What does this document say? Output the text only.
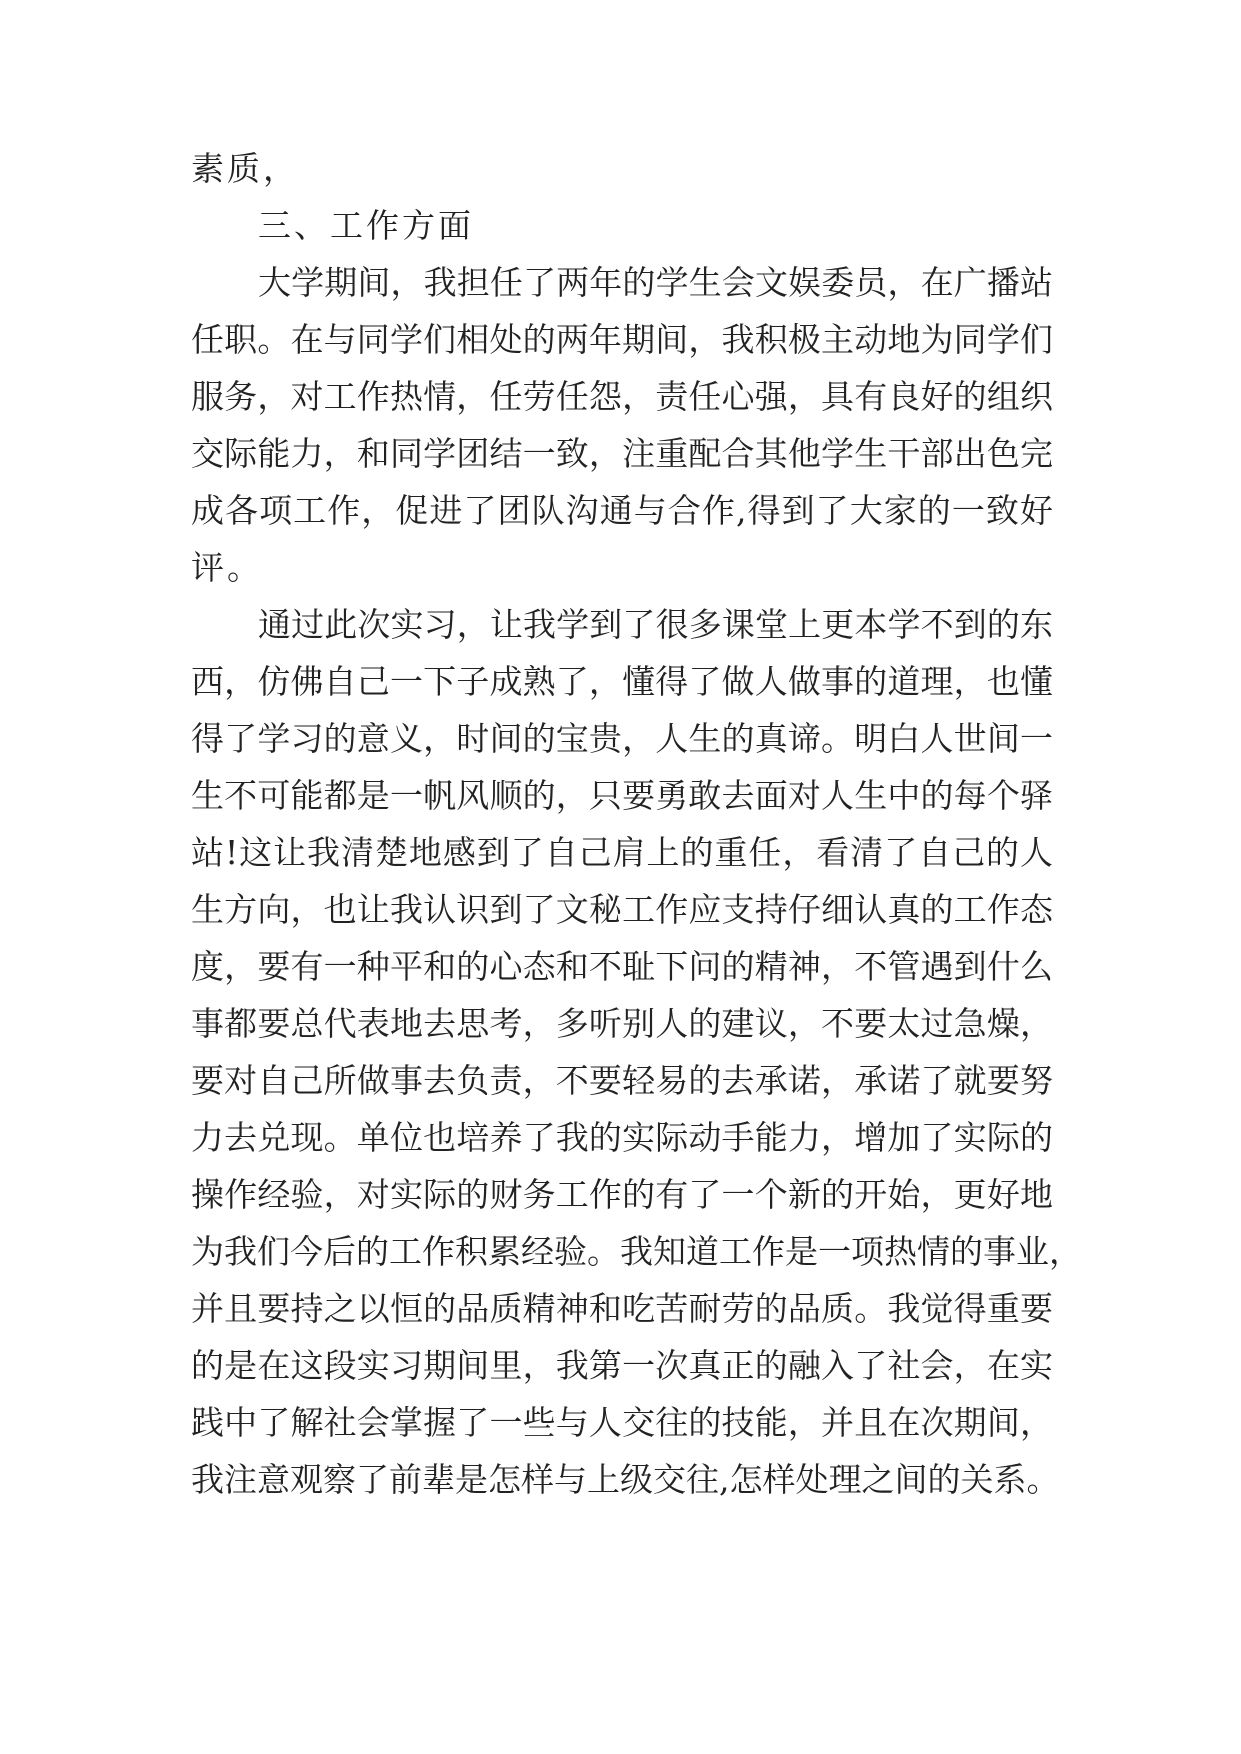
素质，
三、工作方面
大学期间，我担任了两年的学生会文娱委员，在广播站
任职。在与同学们相处的两年期间，我积极主动地为同学们
服务，对工作热情，任劳任怨，责任心强，具有良好的组织
交际能力，和同学团结一致，注重配合其他学生干部出色完
成各项工作，促进了团队沟通与合作,得到了大家的一致好
评。
通过此次实习，让我学到了很多课堂上更本学不到的东
西，仿佛自己一下子成熟了，懂得了做人做事的道理，也懂
得了学习的意义，时间的宝贵，人生的真谛。明白人世间一
生不可能都是一帆风顺的，只要勇敢去面对人生中的每个驿
站!这让我清楚地感到了自己肩上的重任，看清了自己的人
生方向，也让我认识到了文秘工作应支持仔细认真的工作态
度，要有一种平和的心态和不耻下问的精神，不管遇到什么
事都要总代表地去思考，多听别人的建议，不要太过急燥，
要对自己所做事去负责，不要轻易的去承诺，承诺了就要努
力去兑现。单位也培养了我的实际动手能力，增加了实际的
操作经验，对实际的财务工作的有了一个新的开始，更好地
为我们今后的工作积累经验。我知道工作是一项热情的事业，
并且要持之以恒的品质精神和吃苦耐劳的品质。我觉得重要
的是在这段实习期间里，我第一次真正的融入了社会，在实
践中了解社会掌握了一些与人交往的技能，并且在次期间，
我注意观察了前辈是怎样与上级交往,怎样处理之间的关系。
